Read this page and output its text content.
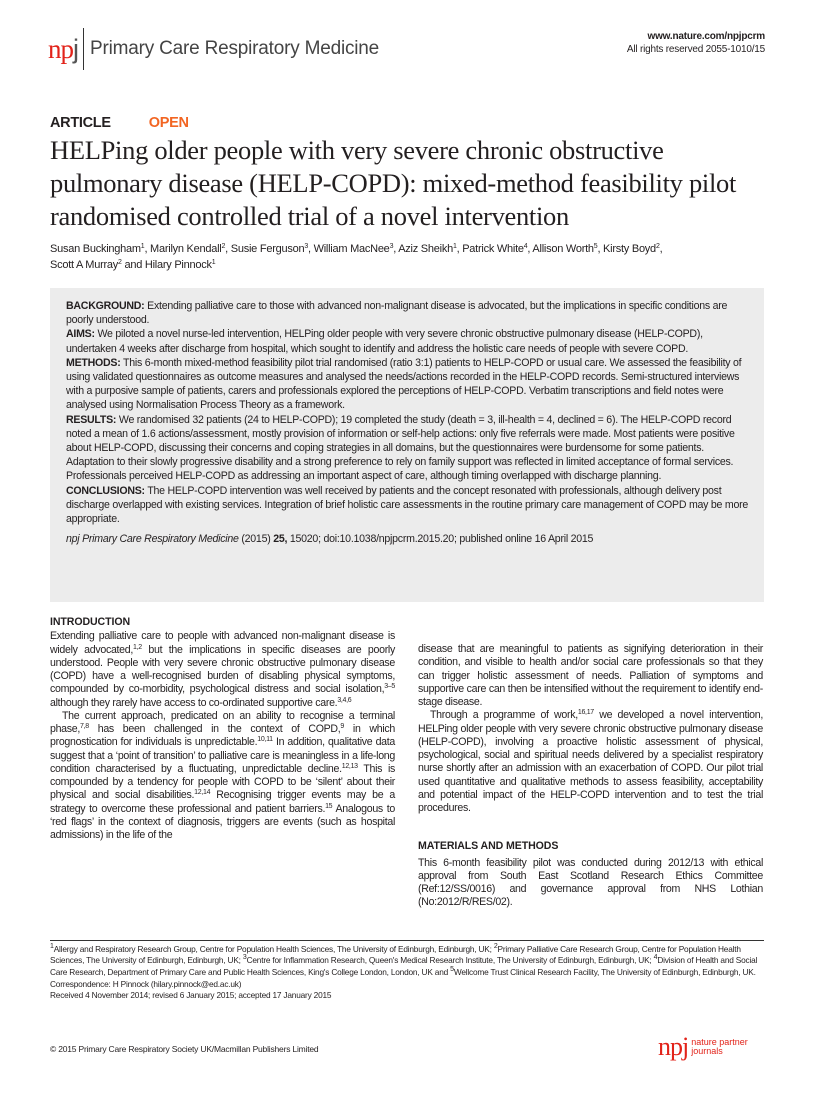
np j Primary Care Respiratory Medicine
www.nature.com/npjpcrm
All rights reserved 2055-1010/15
ARTICLE	OPEN
HELPing older people with very severe chronic obstructive pulmonary disease (HELP-COPD): mixed-method feasibility pilot randomised controlled trial of a novel intervention
Susan Buckingham$^1$, Marilyn Kendall$^2$, Susie Ferguson$^3$, William MacNee$^3$, Aziz Sheikh$^1$, Patrick White$^4$, Allison Worth$^5$, Kirsty Boyd$^2$,
Scott A Murray$^2$ and Hilary Pinnock$^1$

BACKGROUND: Extending palliative care to those with advanced non-malignant disease is advocated, but the implications in specific conditions are poorly understood.

AIMS: We piloted a novel nurse-led intervention, HELPing older people with very severe chronic obstructive pulmonary disease (HELP-COPD), undertaken 4 weeks after discharge from hospital, which sought to identify and address the holistic care needs of people with severe COPD.

METHODS: This 6-month mixed-method feasibility pilot trial randomised (ratio 3:1) patients to HELP-COPD or usual care. We assessed the feasibility of using validated questionnaires as outcome measures and analysed the needs/actions recorded in the HELP-COPD records. Semi-structured interviews with a purposive sample of patients, carers and professionals explored the perceptions of HELP-COPD. Verbatim transcriptions and field notes were analysed using Normalisation Process Theory as a framework.

RESULTS: We randomised 32 patients (24 to HELP-COPD); 19 completed the study (death = 3, ill-health = 4, declined = 6). The HELP-COPD record noted a mean of 1.6 actions/assessment, mostly provision of information or self-help actions: only five referrals were made. Most patients were positive about HELP-COPD, discussing their concerns and coping strategies in all domains, but the questionnaires were burdensome for some patients. Adaptation to their slowly progressive disability and a strong preference to rely on family support was reflected in limited acceptance of formal services. Professionals perceived HELP-COPD as addressing an important aspect of care, although timing overlapped with discharge planning.

CONCLUSIONS: The HELP-COPD intervention was well received by patients and the concept resonated with professionals, although delivery post discharge overlapped with existing services. Integration of brief holistic care assessments in the routine primary care management of COPD may be more appropriate.

npj Primary Care Respiratory Medicine (2015) 25, 15020; doi:10.1038/npjpcrm.2015.20; published online 16 April 2015

INTRODUCTION

Extending palliative care to people with advanced non-malignant disease is widely advocated,$^{1,2}$ but the implications in specific diseases are poorly understood. People with very severe chronic obstructive pulmonary disease (COPD) have a well-recognised burden of disabling physical symptoms, compounded by co-morbidity, psychological distress and social isolation,$^{3-5}$ although they rarely have access to co-ordinated supportive care.$^{3,4,6}$

The current approach, predicated on an ability to recognise a terminal phase,$^{7,8}$ has been challenged in the context of COPD,$^9$ in which prognostication for individuals is unpredictable.$^{10,11}$ In addition, qualitative data suggest that a ‘point of transition’ to palliative care is meaningless in a life-long condition characterised by a fluctuating, unpredictable decline.$^{12,13}$ This is compounded by a tendency for people with COPD to be ‘silent’ about their physical and social disabilities.$^{12,14}$ Recognising trigger events may be a strategy to overcome these professional and patient barriers.$^{15}$ Analogous to ‘red flags’ in the context of diagnosis, triggers are events (such as hospital admissions) in the life of the

disease that are meaningful to patients as signifying deterioration in their condition, and visible to health and/or social care professionals so that they can trigger holistic assessment of needs. Palliation of symptoms and supportive care can then be intensified without the requirement to identify end-stage disease.

Through a programme of work,$^{16,17}$ we developed a novel intervention, HELPing older people with very severe chronic obstructive pulmonary disease (HELP-COPD), involving a proactive holistic assessment of physical, psychological, social and spiritual needs delivered by a specialist respiratory nurse shortly after an admission with an exacerbation of COPD. Our pilot trial used quantitative and qualitative methods to assess feasibility, acceptability and potential impact of the HELP-COPD intervention and to test the trial procedures.

MATERIALS AND METHODS

This 6-month feasibility pilot was conducted during 2012/13 with ethical approval from South East Scotland Research Ethics Committee (Ref:12/SS/0016) and governance approval from NHS Lothian (No:2012/R/RES/02).

$^1$Allergy and Respiratory Research Group, Centre for Population Health Sciences, The University of Edinburgh, Edinburgh, UK; $^2$Primary Palliative Care Research Group, Centre for Population Health Sciences, The University of Edinburgh, Edinburgh, UK; $^3$Centre for Inflammation Research, Queen's Medical Research Institute, The University of Edinburgh, Edinburgh, UK; $^4$Division of Health and Social Care Research, Department of Primary Care and Public Health Sciences, King's College London, London, UK and $^5$Wellcome Trust Clinical Research Facility, The University of Edinburgh, Edinburgh, UK.
Correspondence: H Pinnock (hilary.pinnock@ed.ac.uk)
Received 4 November 2014; revised 6 January 2015; accepted 17 January 2015
© 2015 Primary Care Respiratory Society UK/Macmillan Publishers Limited	npj nature partner
journals
